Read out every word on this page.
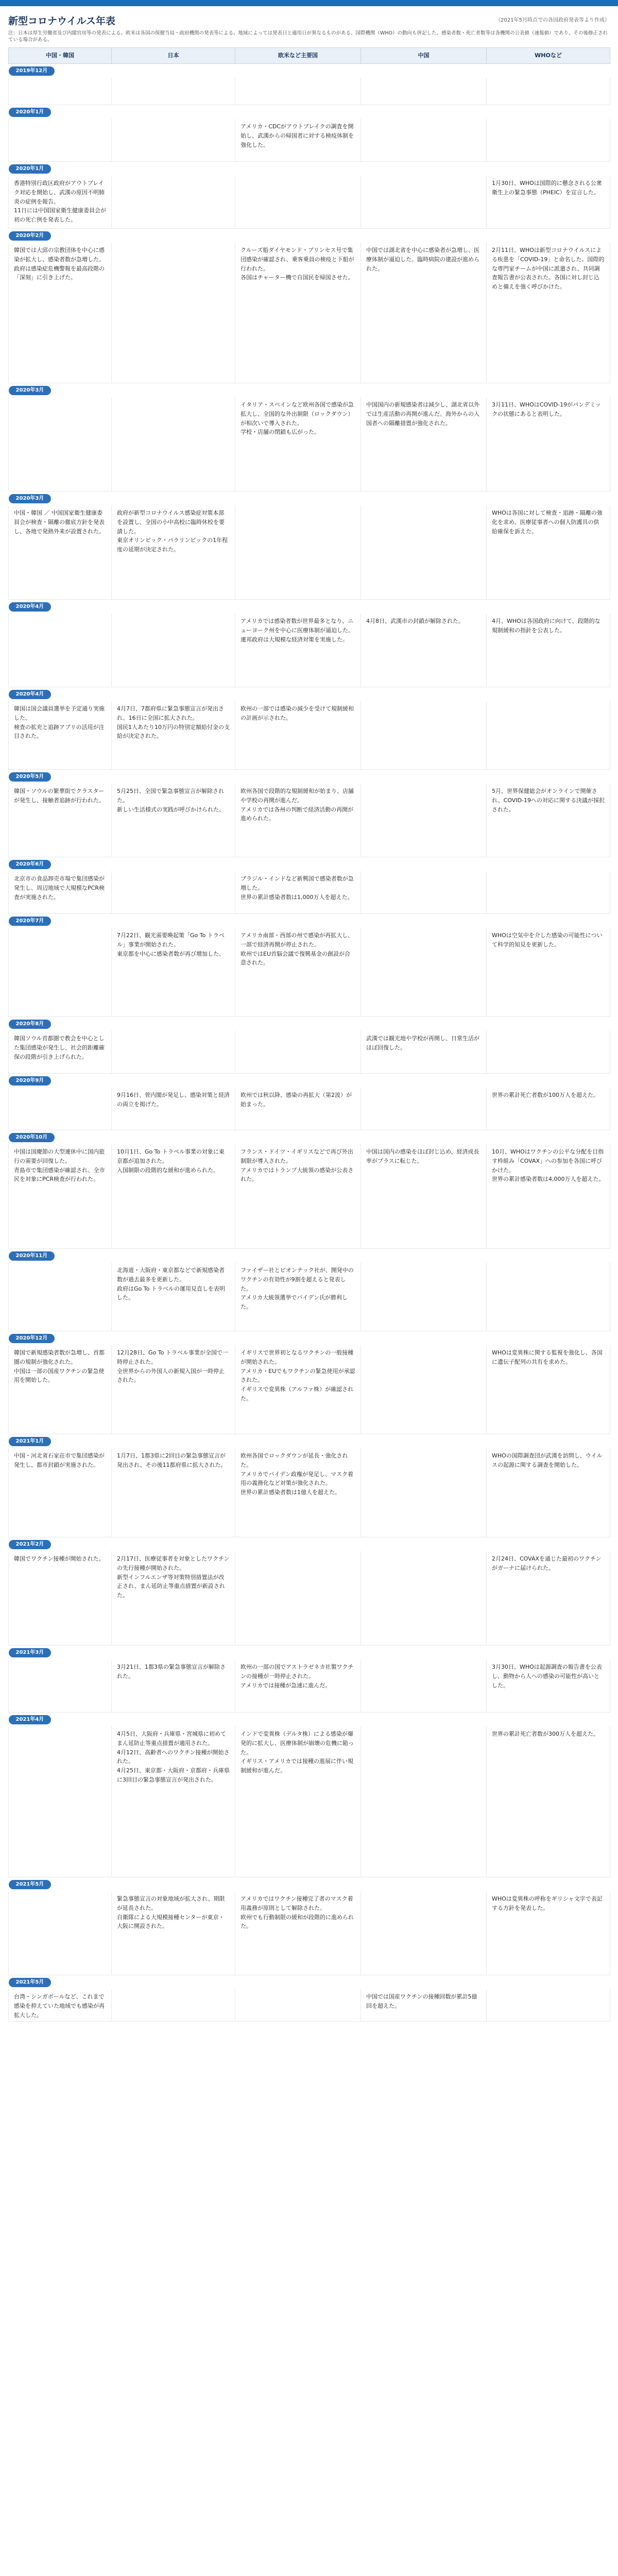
新型コロナウイルス年表	（2021年5月時点での各国政府発表等より作成）
注：日本は厚生労働省及び内閣官房等の発表による。欧米は各国の保健当局・政府機関の発表等による。地域によっては発表日と適用日が異なるものがある。国際機関（WHO）の動向も併記した。感染者数・死亡者数等は各機関の公表値（速報値）であり、その後修正されている場合がある。
中国・韓国	日本	欧米など主要国	中国	WHOなど
2019年12月				

2020年1月				

		アメリカ・CDCがアウトブレイクの調査を開始し、武漢からの帰国者に対する検疫体制を強化した。		

2020年1月				

香港特別行政区政府がアウトブレイク対応を開始し、武漢の原因不明肺炎の症例を報告。
11日には中国国家衛生健康委員会が初の死亡例を発表した。				1月30日、WHOは国際的に懸念される公衆衛生上の緊急事態（PHEIC）を宣言した。

2020年2月				

韓国では大邱の宗教団体を中心に感染が拡大し、感染者数が急増した。政府は感染症危機警報を最高段階の「深刻」に引き上げた。		クルーズ船ダイヤモンド・プリンセス号で集団感染が確認され、乗客乗員の検疫と下船が行われた。
各国はチャーター機で自国民を帰国させた。	中国では湖北省を中心に感染者が急増し、医療体制が逼迫した。臨時病院の建設が進められた。	2月11日、WHOは新型コロナウイルスによる疾患を「COVID-19」と命名した。国際的な専門家チームが中国に派遣され、共同調査報告書が公表された。各国に対し封じ込めと備えを強く呼びかけた。

2020年3月				

		イタリア・スペインなど欧州各国で感染が急拡大し、全国的な外出制限（ロックダウン）が相次いで導入された。
学校・店舗の閉鎖も広がった。	中国国内の新規感染者は減少し、湖北省以外では生産活動の再開が進んだ。海外からの入国者への隔離措置が強化された。	3月11日、WHOはCOVID-19がパンデミックの状態にあると表明した。

2020年3月				

中国・韓国 ／ 中国国家衛生健康委員会が検査・隔離の徹底方針を発表し、各地で発熱外来が設置された。	政府が新型コロナウイルス感染症対策本部を設置し、全国の小中高校に臨時休校を要請した。
東京オリンピック・パラリンピックの1年程度の延期が決定された。			WHOは各国に対して検査・追跡・隔離の強化を求め、医療従事者への個人防護具の供給確保を訴えた。

2020年4月				

		アメリカでは感染者数が世界最多となり、ニューヨーク州を中心に医療体制が逼迫した。
連邦政府は大規模な経済対策を実施した。	4月8日、武漢市の封鎖が解除された。	4月、WHOは各国政府に向けて、段階的な規制緩和の指針を公表した。

2020年4月				

韓国は国会議員選挙を予定通り実施した。
検査の拡充と追跡アプリの活用が注目された。	4月7日、7都府県に緊急事態宣言が発出され、16日に全国に拡大された。
国民1人あたり10万円の特別定額給付金の支給が決定された。	欧州の一部では感染の減少を受けて規制緩和の計画が示された。		

2020年5月				

韓国・ソウルの繁華街でクラスターが発生し、接触者追跡が行われた。	5月25日、全国で緊急事態宣言が解除された。
新しい生活様式の実践が呼びかけられた。	欧州各国で段階的な規制緩和が始まり、店舗や学校の再開が進んだ。
アメリカでは各州の判断で経済活動の再開が進められた。		5月、世界保健総会がオンラインで開催され、COVID-19への対応に関する決議が採択された。

2020年6月				

北京市の食品卸売市場で集団感染が発生し、周辺地域で大規模なPCR検査が実施された。		ブラジル・インドなど新興国で感染者数が急増した。
世界の累計感染者数は1,000万人を超えた。		

2020年7月				

	7月22日、観光需要喚起策「Go To トラベル」事業が開始された。
東京都を中心に感染者数が再び増加した。	アメリカ南部・西部の州で感染が再拡大し、一部で経済再開が停止された。
欧州ではEU首脳会議で復興基金の創設が合意された。		WHOは空気中を介した感染の可能性について科学的知見を更新した。

2020年8月				

韓国ソウル首都圏で教会を中心とした集団感染が発生し、社会的距離確保の段階が引き上げられた。			武漢では観光地や学校が再開し、日常生活がほぼ回復した。	

2020年9月				

	9月16日、菅内閣が発足し、感染対策と経済の両立を掲げた。	欧州では秋以降、感染の再拡大（第2波）が始まった。		世界の累計死亡者数が100万人を超えた。

2020年10月				

中国は国慶節の大型連休中に国内旅行の需要が回復した。
青島市で集団感染が確認され、全市民を対象にPCR検査が行われた。	10月1日、Go To トラベル事業の対象に東京都が追加された。
入国制限の段階的な緩和が進められた。	フランス・ドイツ・イギリスなどで再び外出制限が導入された。
アメリカではトランプ大統領の感染が公表された。	中国は国内の感染をほぼ封じ込め、経済成長率がプラスに転じた。	10月、WHOはワクチンの公平な分配を目指す枠組み「COVAX」への参加を各国に呼びかけた。
世界の累計感染者数は4,000万人を超えた。

2020年11月				

	北海道・大阪府・東京都などで新規感染者数が過去最多を更新した。
政府はGo To トラベルの運用見直しを表明した。	ファイザー社とビオンテック社が、開発中のワクチンの有効性が9割を超えると発表した。
アメリカ大統領選挙でバイデン氏が勝利した。		

2020年12月				

韓国で新規感染者数が急増し、首都圏の規制が強化された。
中国は一部の国産ワクチンの緊急使用を開始した。	12月28日、Go To トラベル事業が全国で一時停止された。
全世界からの外国人の新規入国が一時停止された。	イギリスで世界初となるワクチンの一般接種が開始された。
アメリカ・EUでもワクチンの緊急使用が承認された。
イギリスで変異株（アルファ株）が確認された。		WHOは変異株に関する監視を強化し、各国に遺伝子配列の共有を求めた。

2021年1月				

中国・河北省石家荘市で集団感染が発生し、都市封鎖が実施された。	1月7日、1都3県に2回目の緊急事態宣言が発出され、その後11都府県に拡大された。	欧州各国でロックダウンが延長・強化された。
アメリカでバイデン政権が発足し、マスク着用の義務化など対策が強化された。
世界の累計感染者数は1億人を超えた。		WHOの国際調査団が武漢を訪問し、ウイルスの起源に関する調査を開始した。

2021年2月				

韓国でワクチン接種が開始された。	2月17日、医療従事者を対象としたワクチンの先行接種が開始された。
新型インフルエンザ等対策特別措置法が改正され、まん延防止等重点措置が新設された。			2月24日、COVAXを通じた最初のワクチンがガーナに届けられた。

2021年3月				

	3月21日、1都3県の緊急事態宣言が解除された。	欧州の一部の国でアストラゼネカ社製ワクチンの接種が一時停止された。
アメリカでは接種が急速に進んだ。		3月30日、WHOは起源調査の報告書を公表し、動物から人への感染の可能性が高いとした。

2021年4月				

	4月5日、大阪府・兵庫県・宮城県に初めてまん延防止等重点措置が適用された。
4月12日、高齢者へのワクチン接種が開始された。
4月25日、東京都・大阪府・京都府・兵庫県に3回目の緊急事態宣言が発出された。	インドで変異株（デルタ株）による感染が爆発的に拡大し、医療体制が崩壊の危機に陥った。
イギリス・アメリカでは接種の進展に伴い規制緩和が進んだ。		世界の累計死亡者数が300万人を超えた。

2021年5月				

	緊急事態宣言の対象地域が拡大され、期限が延長された。
自衛隊による大規模接種センターが東京・大阪に開設された。	アメリカではワクチン接種完了者のマスク着用義務が原則として解除された。
欧州でも行動制限の緩和が段階的に進められた。		WHOは変異株の呼称をギリシャ文字で表記する方針を発表した。

2021年5月				

台湾・シンガポールなど、これまで感染を抑えていた地域でも感染が再拡大した。			中国では国産ワクチンの接種回数が累計5億回を超えた。	
